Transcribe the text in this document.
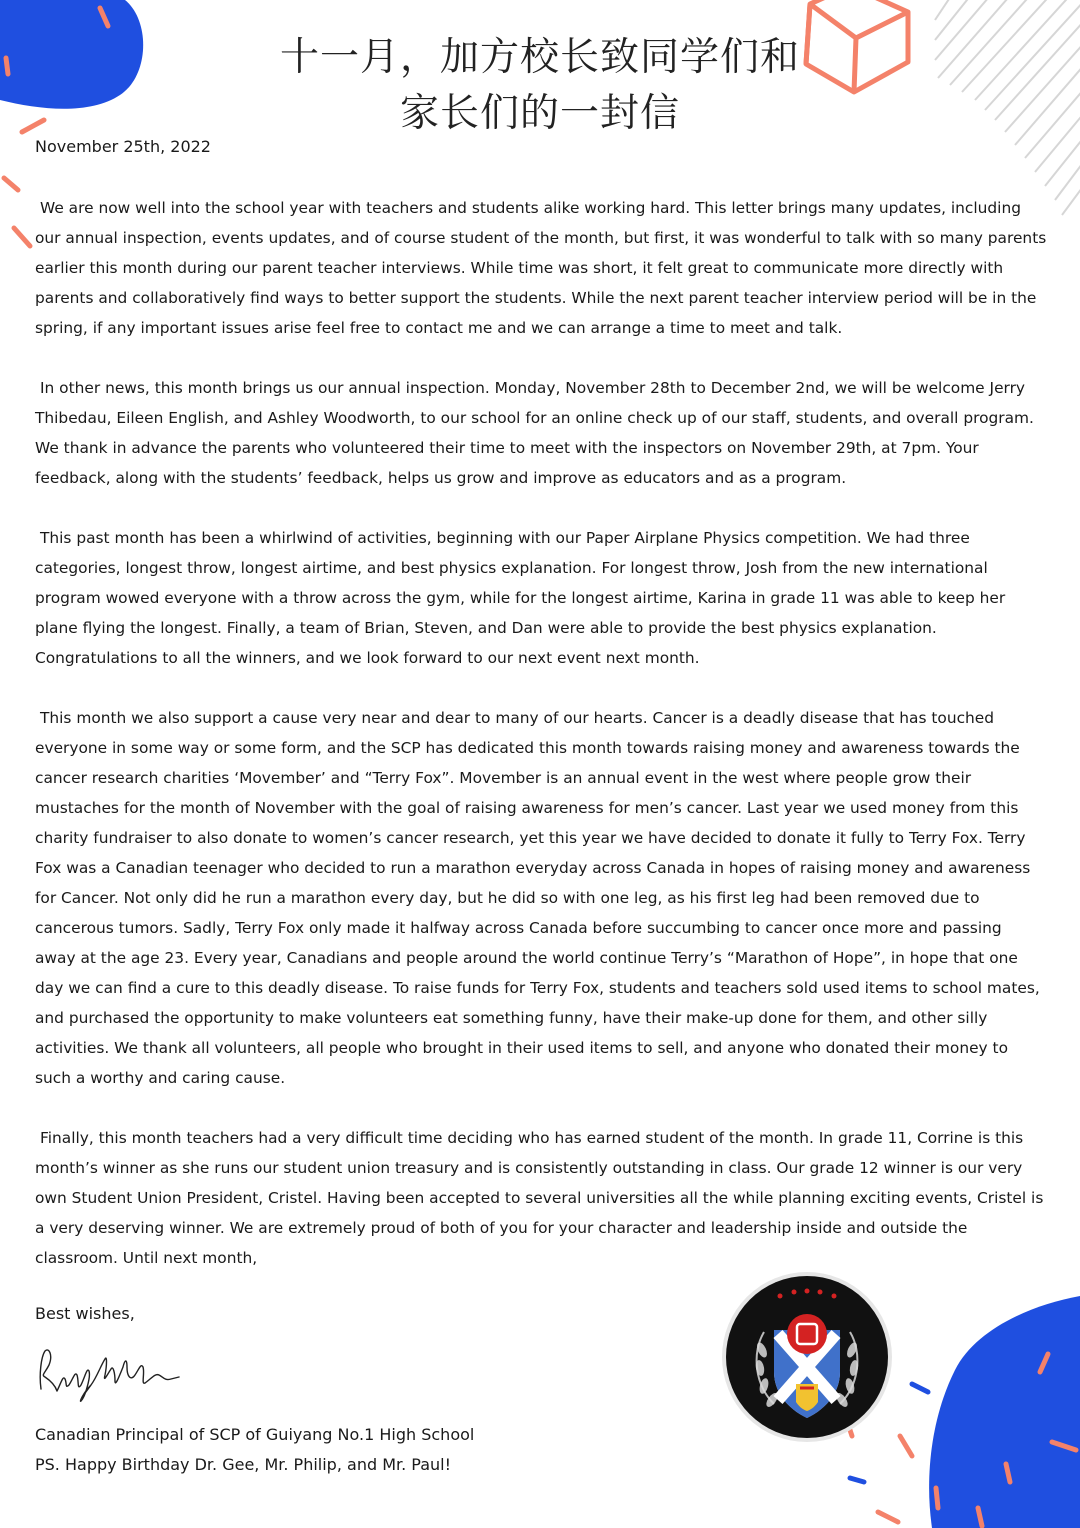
十一月，加方校长致同学们和
家长们的一封信
November 25th, 2022

We are now well into the school year with teachers and students alike working hard. This letter brings many updates, including our annual inspection, events updates, and of course student of the month, but first, it was wonderful to talk with so many parents earlier this month during our parent teacher interviews. While time was short, it felt great to communicate more directly with parents and collaboratively find ways to better support the students. While the next parent teacher interview period will be in the spring, if any important issues arise feel free to contact me and we can arrange a time to meet and talk.

In other news, this month brings us our annual inspection. Monday, November 28th to December 2nd, we will be welcome Jerry Thibedau, Eileen English, and Ashley Woodworth, to our school for an online check up of our staff, students, and overall program. We thank in advance the parents who volunteered their time to meet with the inspectors on November 29th, at 7pm. Your feedback, along with the students’ feedback, helps us grow and improve as educators and as a program.

This past month has been a whirlwind of activities, beginning with our Paper Airplane Physics competition. We had three categories, longest throw, longest airtime, and best physics explanation. For longest throw, Josh from the new international program wowed everyone with a throw across the gym, while for the longest airtime, Karina in grade 11 was able to keep her plane flying the longest. Finally, a team of Brian, Steven, and Dan were able to provide the best physics explanation. Congratulations to all the winners, and we look forward to our next event next month.

This month we also support a cause very near and dear to many of our hearts. Cancer is a deadly disease that has touched everyone in some way or some form, and the SCP has dedicated this month towards raising money and awareness towards the cancer research charities ‘Movember’ and “Terry Fox”. Movember is an annual event in the west where people grow their mustaches for the month of November with the goal of raising awareness for men’s cancer. Last year we used money from this charity fundraiser to also donate to women’s cancer research, yet this year we have decided to donate it fully to Terry Fox. Terry Fox was a Canadian teenager who decided to run a marathon everyday across Canada in hopes of raising money and awareness for Cancer. Not only did he run a marathon every day, but he did so with one leg, as his first leg had been removed due to cancerous tumors. Sadly, Terry Fox only made it halfway across Canada before succumbing to cancer once more and passing away at the age 23. Every year, Canadians and people around the world continue Terry’s “Marathon of Hope”, in hope that one day we can find a cure to this deadly disease. To raise funds for Terry Fox, students and teachers sold used items to school mates, and purchased the opportunity to make volunteers eat something funny, have their make-up done for them, and other silly activities. We thank all volunteers, all people who brought in their used items to sell, and anyone who donated their money to such a worthy and caring cause.

Finally, this month teachers had a very difficult time deciding who has earned student of the month. In grade 11, Corrine is this month’s winner as she runs our student union treasury and is consistently outstanding in class. Our grade 12 winner is our very own Student Union President, Cristel. Having been accepted to several universities all the while planning exciting events, Cristel is a very deserving winner. We are extremely proud of both of you for your character and leadership inside and outside the classroom. Until next month,

Best wishes,
Canadian Principal of SCP of Guiyang No.1 High School
PS. Happy Birthday Dr. Gee, Mr. Philip, and Mr. Paul!
